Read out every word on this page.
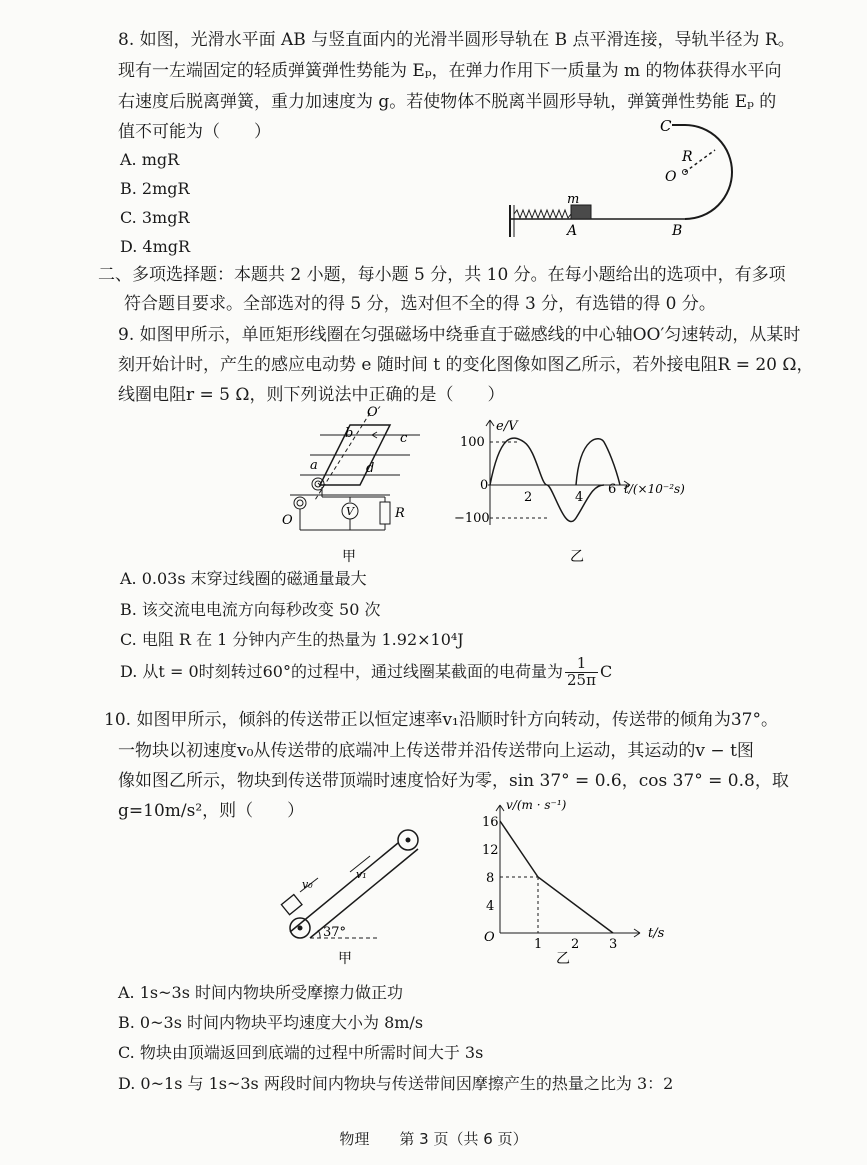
8. 如图，光滑水平面 AB 与竖直面内的光滑半圆形导轨在 B 点平滑连接，导轨半径为 R。
现有一左端固定的轻质弹簧弹性势能为 Eₚ，在弹力作用下一质量为 m 的物体获得水平向
右速度后脱离弹簧，重力加速度为 g。若使物体不脱离半圆形导轨，弹簧弹性势能 Eₚ 的
值不可能为（　　）
A. mgR
B. 2mgR
C. 3mgR
D. 4mgR
C
R
O
m
A	B
二、多项选择题：本题共 2 小题，每小题 5 分，共 10 分。在每小题给出的选项中，有多项
符合题目要求。全部选对的得 5 分，选对但不全的得 3 分，有选错的得 0 分。
9. 如图甲所示，单匝矩形线圈在匀强磁场中绕垂直于磁感线的中心轴OO′匀速转动，从某时
刻开始计时，产生的感应电动势 e 随时间 t 的变化图像如图乙所示，若外接电阻R = 20 Ω，
线圈电阻r = 5 Ω，则下列说法中正确的是（　　）
V	R
O′
O
b	c
a	d
甲
e/V
100
−100
0
2	4
6 t/(×10⁻²s)
乙
A. 0.03s 末穿过线圈的磁通量最大
B. 该交流电电流方向每秒改变 50 次
C. 电阻 R 在 1 分钟内产生的热量为 1.92×10⁴J
D. 从t = 0时刻转过60°的过程中，通过线圈某截面的电荷量为 $\frac{1}{25\pi}$ C
10. 如图甲所示，倾斜的传送带正以恒定速率v₁沿顺时针方向转动，传送带的倾角为37°。
一物块以初速度v₀从传送带的底端冲上传送带并沿传送带向上运动，其运动的v − t图
像如图乙所示，物块到传送带顶端时速度恰好为零，sin 37° = 0.6，cos 37° = 0.8，取
g=10m/s²，则（　　）
v₀
v₁
37°
甲
v/(m · s⁻¹)
16
12
8
4
O	1 2 3
t/s
乙
A. 1s~3s 时间内物块所受摩擦力做正功
B. 0~3s 时间内物块平均速度大小为 8m/s
C. 物块由顶端返回到底端的过程中所需时间大于 3s
D. 0~1s 与 1s~3s 两段时间内物块与传送带间因摩擦产生的热量之比为 3：2
物理　　第 3 页（共 6 页）
